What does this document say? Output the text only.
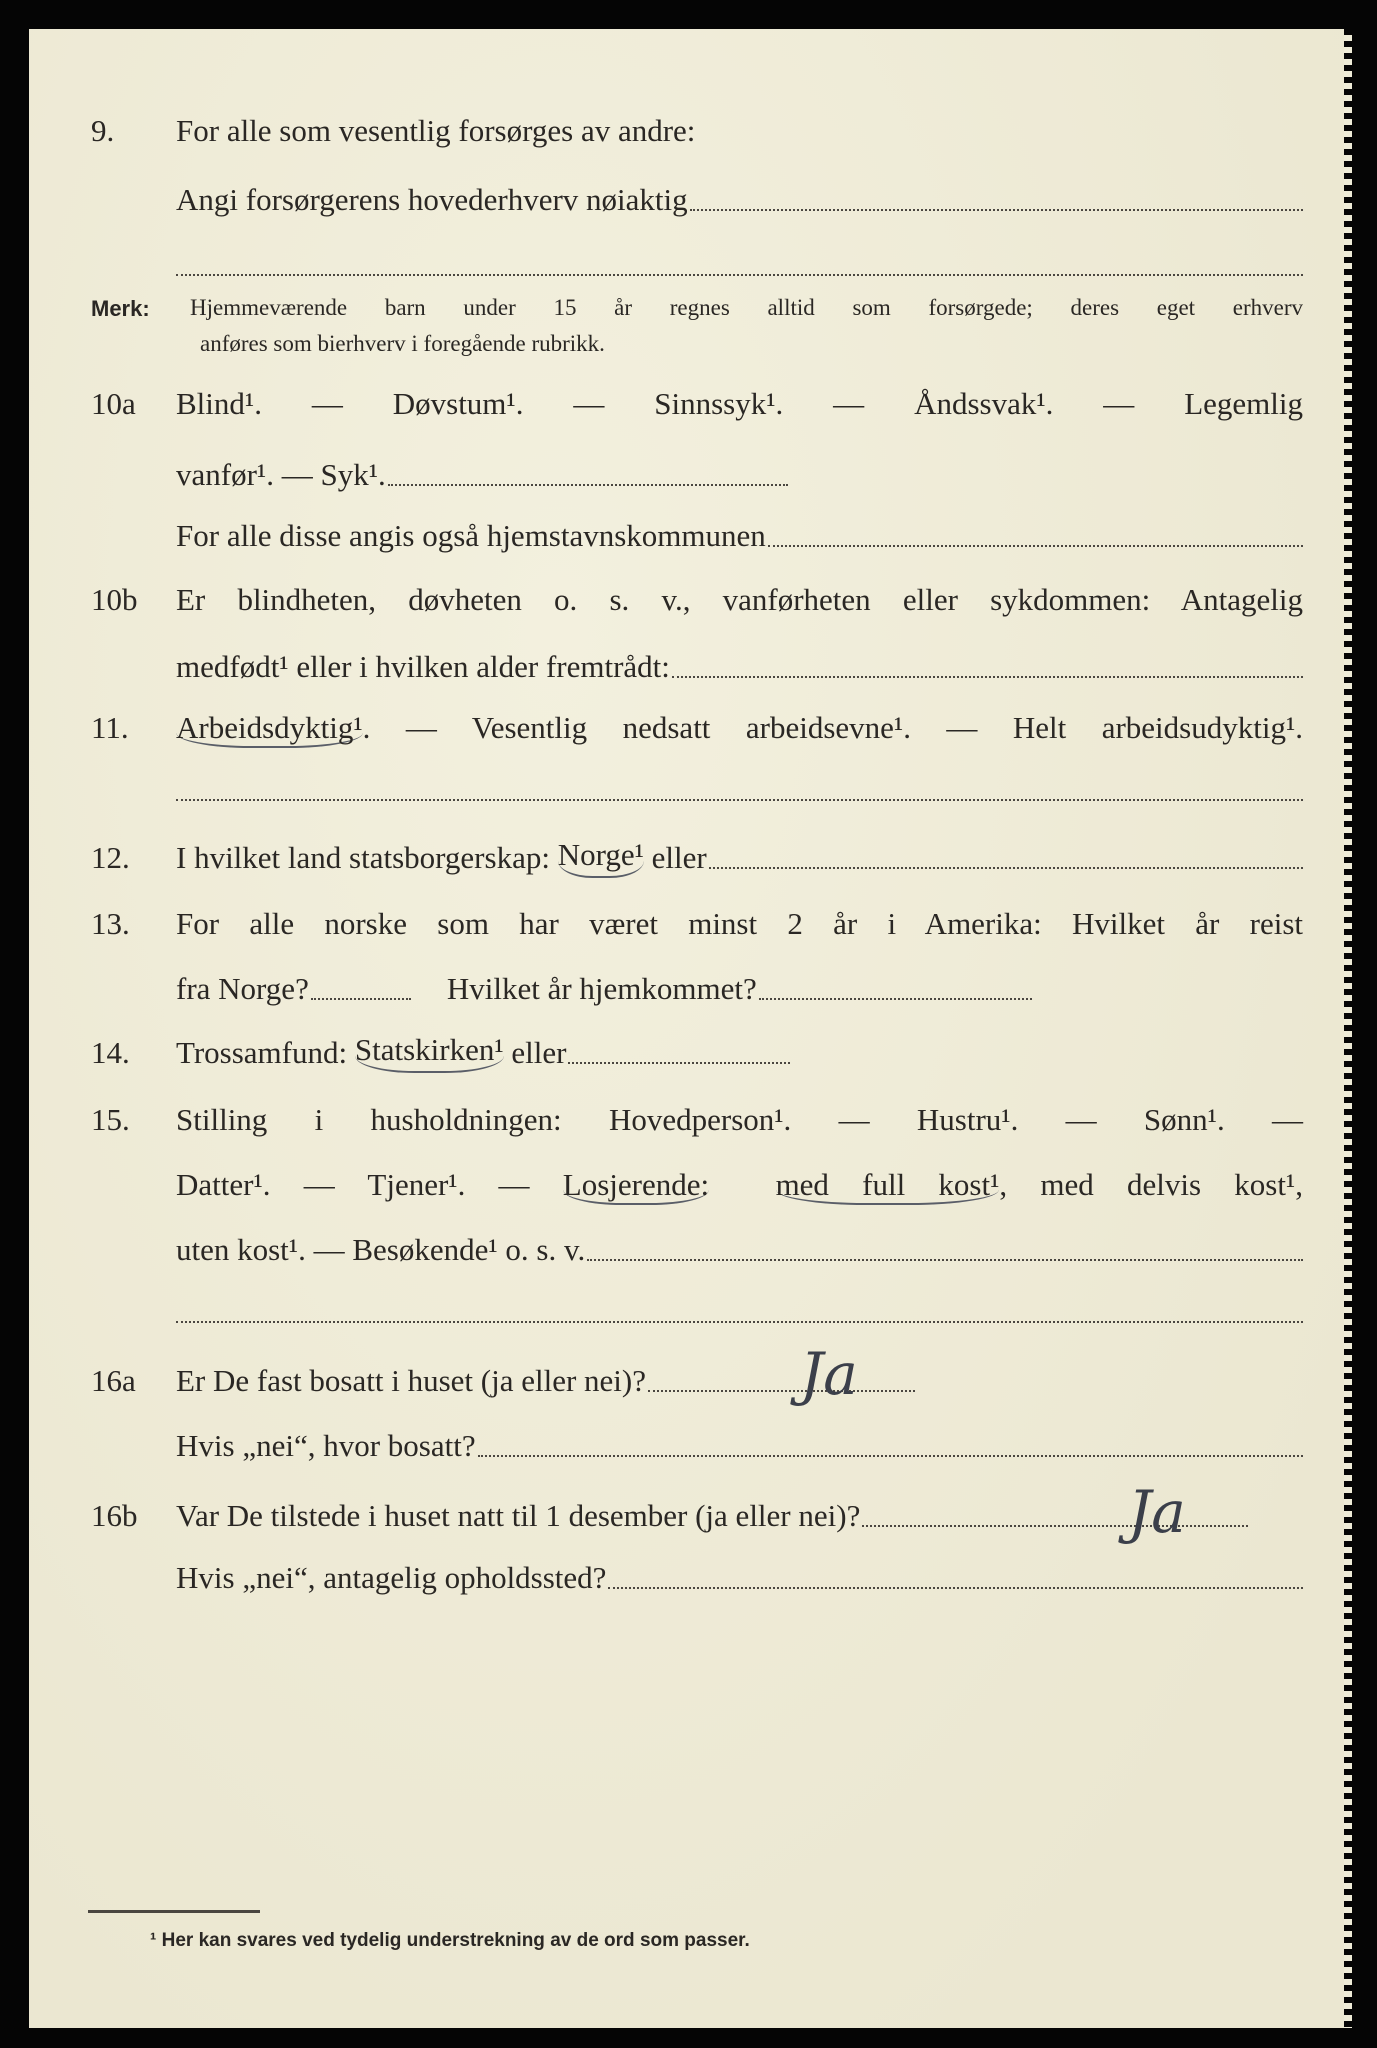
9. For alle som vesentlig forsørges av andre:
Angi forsørgerens hovederhverv nøiaktig
10a Blind¹. — Døvstum¹. — Sinnssyk¹. — Åndssvak¹. — Legemlig
vanfør¹. — Syk¹.
For alle disse angis også hjemstavnskommunen
10b Er blindheten, døvheten o. s. v., vanførheten eller sykdommen: Antagelig
medfødt¹ eller i hvilken alder fremtrådt:
11. Arbeidsdyktig¹. — Vesentlig nedsatt arbeidsevne¹. — Helt arbeidsudyktig¹.
12. I hvilket land statsborgerskap: Norge¹ eller
13. For alle norske som har været minst 2 år i Amerika: Hvilket år reist
fra Norge?	Hvilket år hjemkommet?
14. Trossamfund: Statskirken¹ eller
15. Stilling i husholdningen: Hovedperson¹. — Hustru¹. — Sønn¹. —
Datter¹. — Tjener¹. — Losjerende: med full kost¹, med delvis kost¹,
uten kost¹. — Besøkende¹ o. s. v.
16a Er De fast bosatt i huset (ja eller nei)?
Hvis „nei“, hvor bosatt?
16b Var De tilstede i huset natt til 1 desember (ja eller nei)?
Hvis „nei“, antagelig opholdssted?
Merk: Hjemmeværende barn under 15 år regnes alltid som forsørgede; deres eget erhverv
anføres som bierhverv i foregående rubrikk.
Ja
Ja
¹ Her kan svares ved tydelig understrekning av de ord som passer.
